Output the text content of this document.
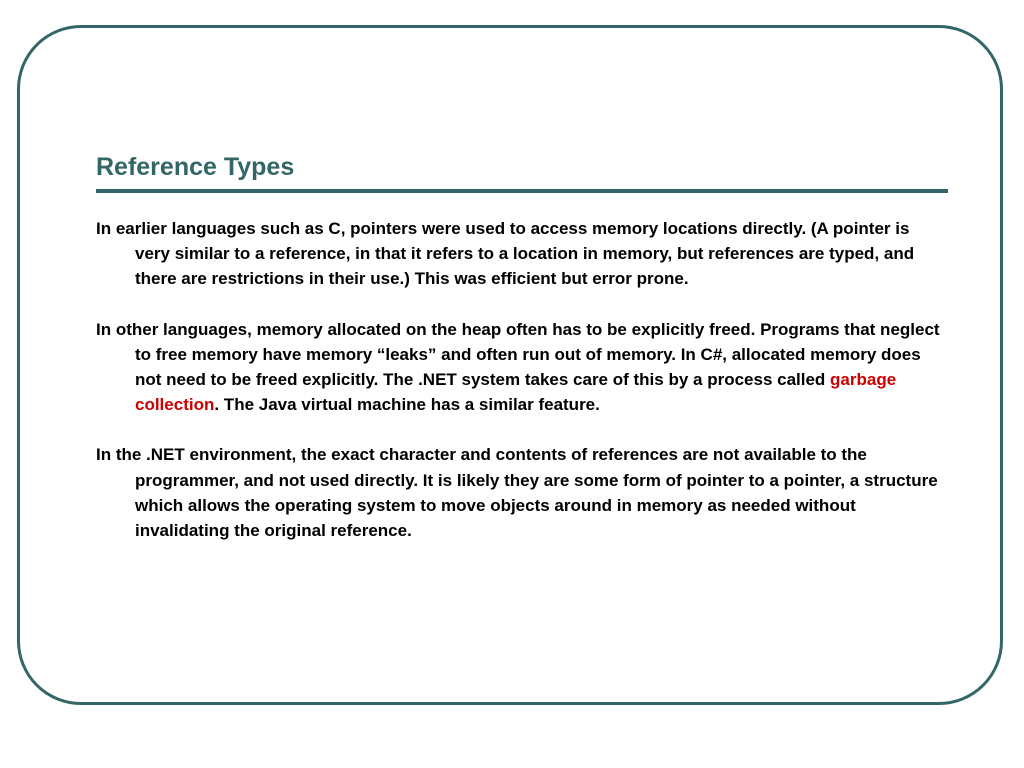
Reference Types

In earlier languages such as C, pointers were used to access memory locations directly. (A pointer is very similar to a reference, in that it refers to a location in memory, but references are typed, and there are restrictions in their use.) This was efficient but error prone.

In other languages, memory allocated on the heap often has to be explicitly freed. Programs that neglect to free memory have memory “leaks” and often run out of memory. In C#, allocated memory does not need to be freed explicitly. The .NET system takes care of this by a process called garbage collection. The Java virtual machine has a similar feature.

In the .NET environment, the exact character and contents of references are not available to the programmer, and not used directly. It is likely they are some form of pointer to a pointer, a structure which allows the operating system to move objects around in memory as needed without invalidating the original reference.
